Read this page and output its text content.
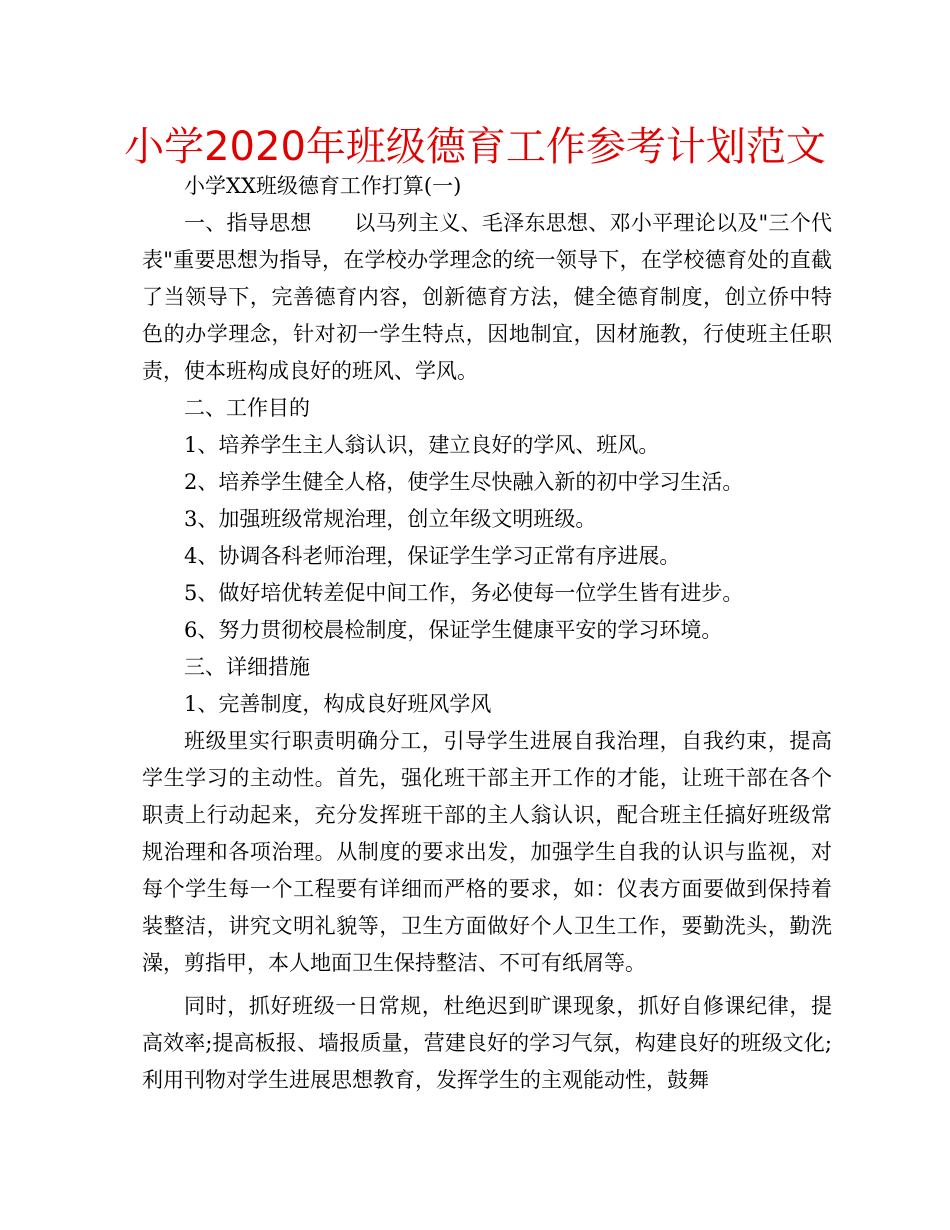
小学2020年班级德育工作参考计划范文

小学XX班级德育工作打算(一)

一、指导思想　　以马列主义、毛泽东思想、邓小平理论以及"三个代表"重要思想为指导，在学校办学理念的统一领导下，在学校德育处的直截了当领导下，完善德育内容，创新德育方法，健全德育制度，创立侨中特色的办学理念，针对初一学生特点，因地制宜，因材施教，行使班主任职责，使本班构成良好的班风、学风。

二、工作目的

1、培养学生主人翁认识，建立良好的学风、班风。

2、培养学生健全人格，使学生尽快融入新的初中学习生活。

3、加强班级常规治理，创立年级文明班级。

4、协调各科老师治理，保证学生学习正常有序进展。

5、做好培优转差促中间工作，务必使每一位学生皆有进步。

6、努力贯彻校晨检制度，保证学生健康平安的学习环境。

三、详细措施

1、完善制度，构成良好班风学风

班级里实行职责明确分工，引导学生进展自我治理，自我约束，提高学生学习的主动性。首先，强化班干部主开工作的才能，让班干部在各个职责上行动起来，充分发挥班干部的主人翁认识，配合班主任搞好班级常规治理和各项治理。从制度的要求出发，加强学生自我的认识与监视，对每个学生每一个工程要有详细而严格的要求，如：仪表方面要做到保持着装整洁，讲究文明礼貌等，卫生方面做好个人卫生工作，要勤洗头，勤洗澡，剪指甲，本人地面卫生保持整洁、不可有纸屑等。

同时，抓好班级一日常规，杜绝迟到旷课现象，抓好自修课纪律，提高效率;提高板报、墙报质量，营建良好的学习气氛，构建良好的班级文化;利用刊物对学生进展思想教育，发挥学生的主观能动性，鼓舞
